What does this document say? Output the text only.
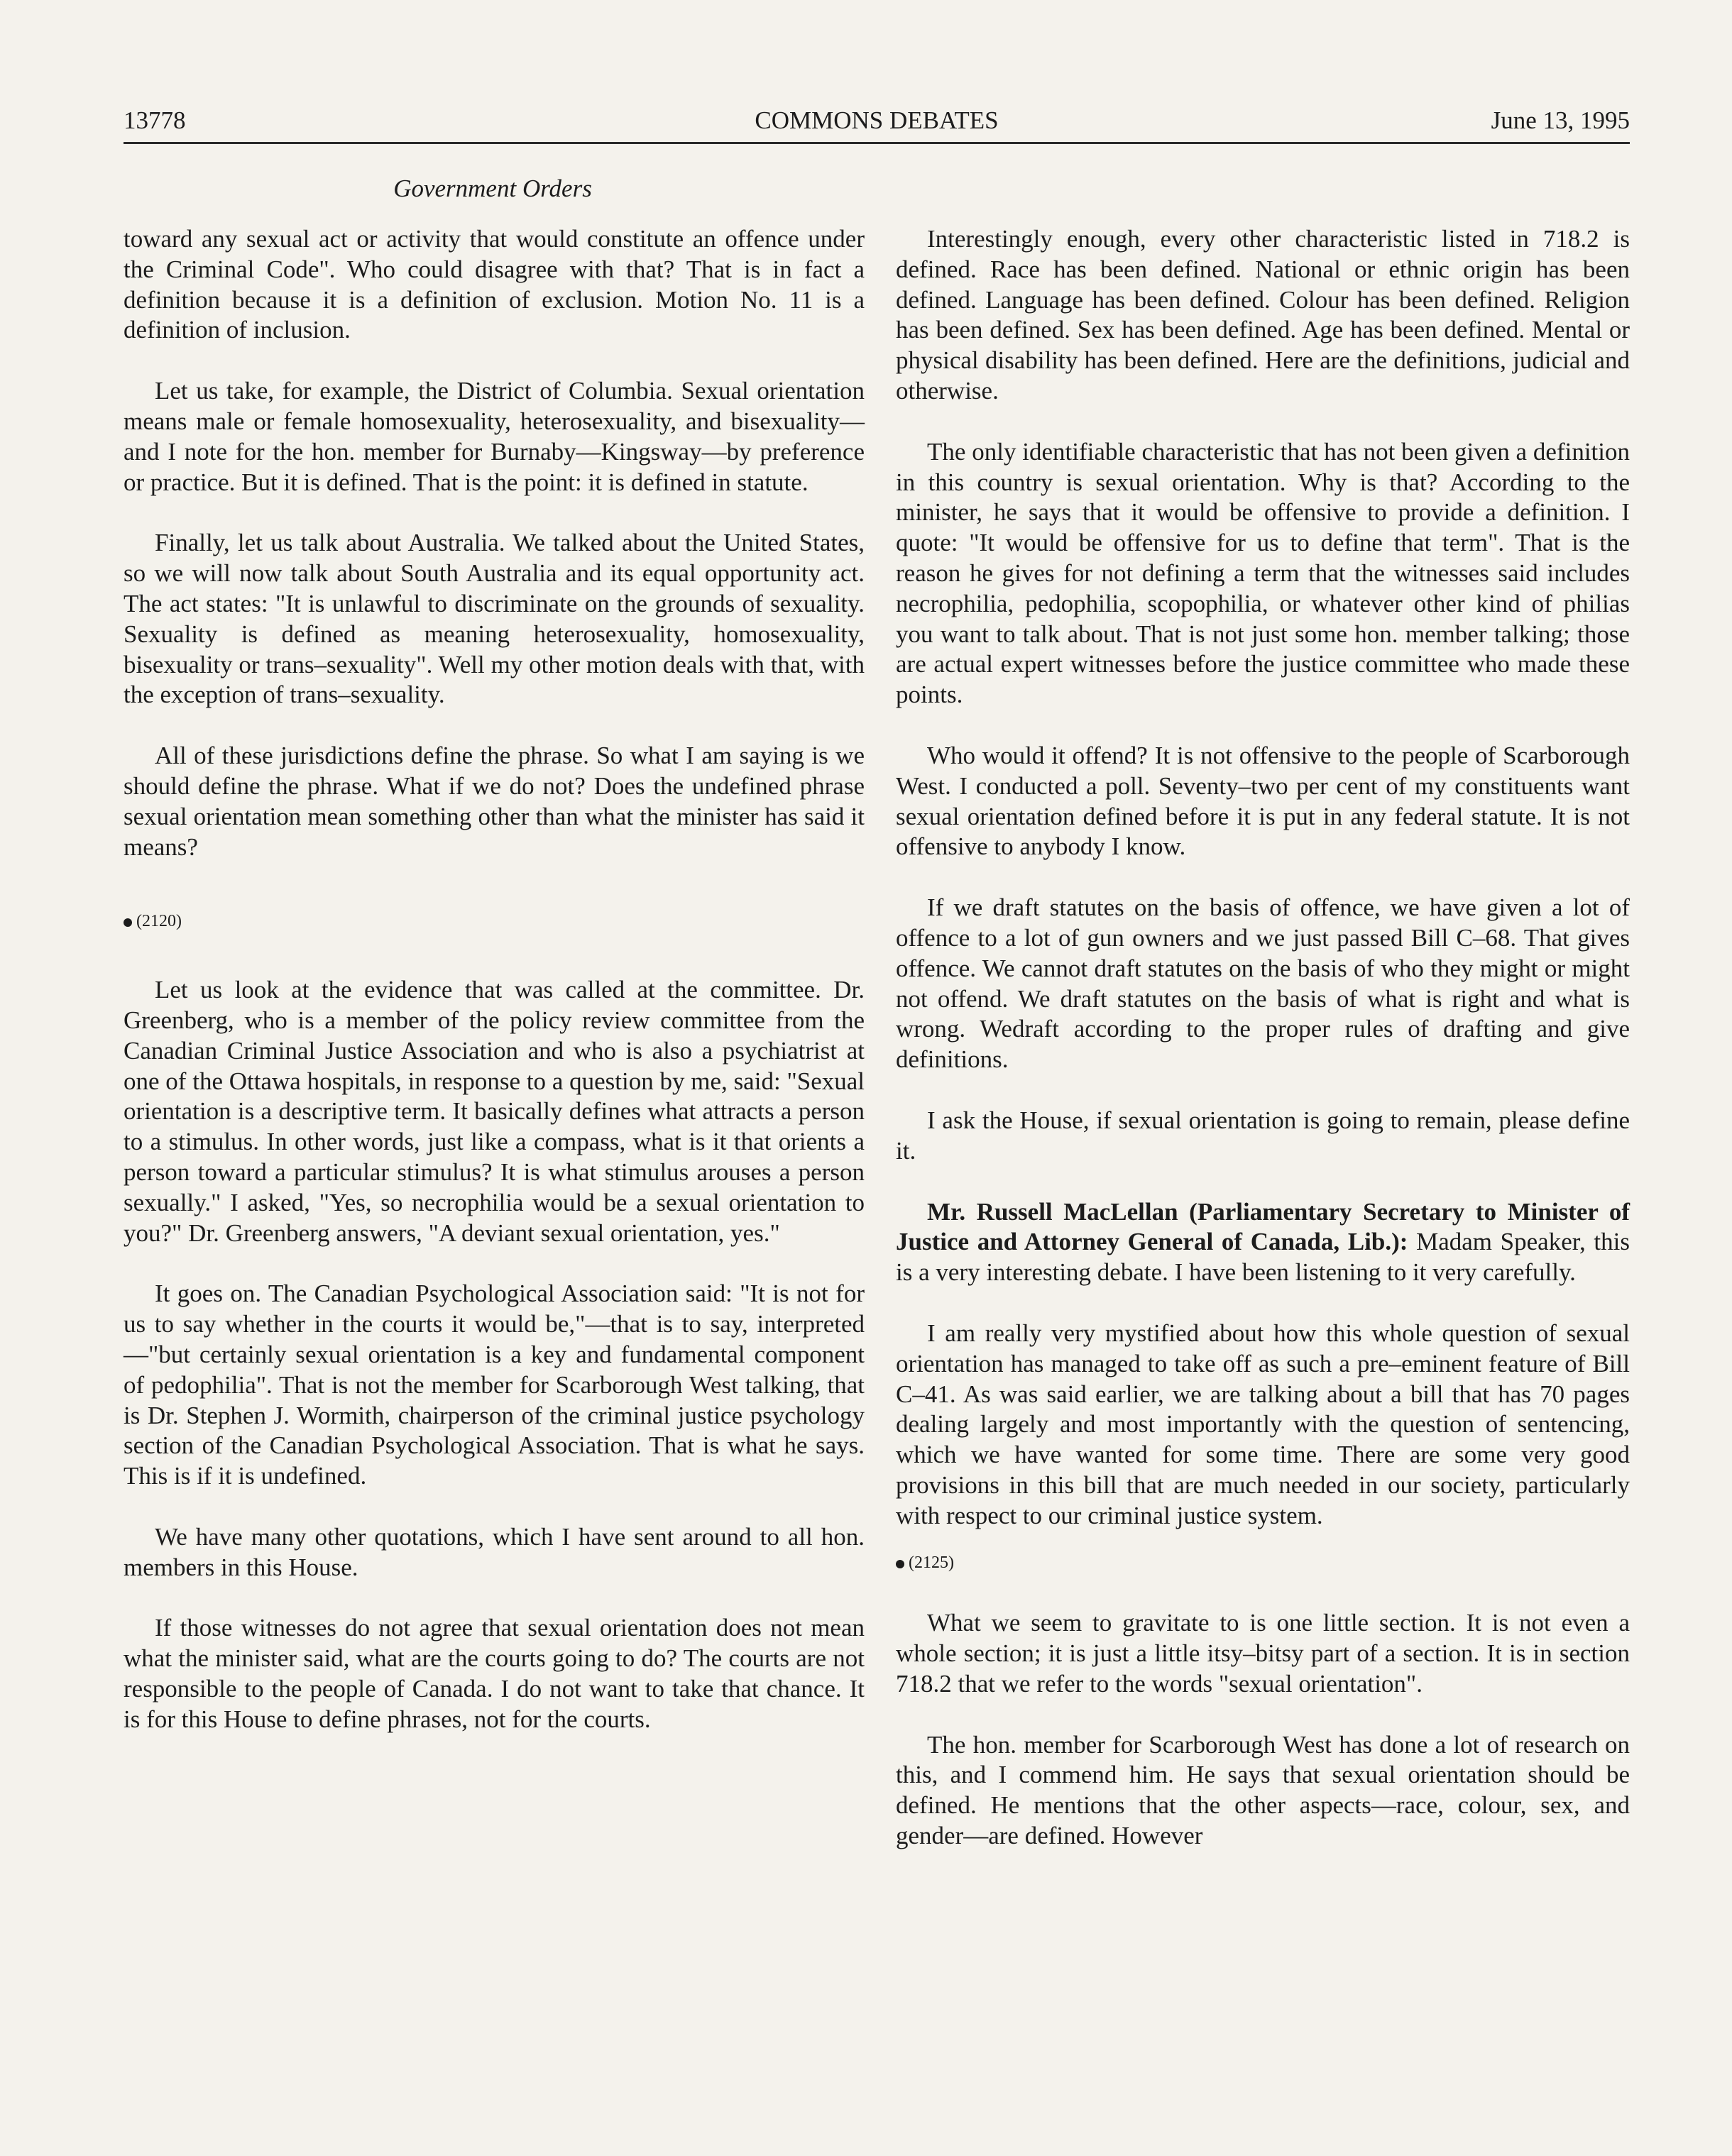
13778	COMMONS DEBATES	June 13, 1995
Government Orders

toward any sexual act or activity that would constitute an offence under the Criminal Code". Who could disagree with that? That is in fact a definition because it is a definition of exclusion. Motion No. 11 is a definition of inclusion.

Let us take, for example, the District of Columbia. Sexual orientation means male or female homosexuality, heterosexuality, and bisexuality—and I note for the hon. member for Burnaby—Kingsway—by preference or practice. But it is defined. That is the point: it is defined in statute.

Finally, let us talk about Australia. We talked about the United States, so we will now talk about South Australia and its equal opportunity act. The act states: "It is unlawful to discriminate on the grounds of sexuality. Sexuality is defined as meaning heterosexuality, homosexuality, bisexuality or trans–sexuality". Well my other motion deals with that, with the exception of trans–sexuality.

All of these jurisdictions define the phrase. So what I am saying is we should define the phrase. What if we do not? Does the undefined phrase sexual orientation mean something other than what the minister has said it means?

(2120)

Let us look at the evidence that was called at the committee. Dr. Greenberg, who is a member of the policy review committee from the Canadian Criminal Justice Association and who is also a psychiatrist at one of the Ottawa hospitals, in response to a question by me, said: "Sexual orientation is a descriptive term. It basically defines what attracts a person to a stimulus. In other words, just like a compass, what is it that orients a person toward a particular stimulus? It is what stimulus arouses a person sexually." I asked, "Yes, so necrophilia would be a sexual orientation to you?" Dr. Greenberg answers, "A deviant sexual orientation, yes."

It goes on. The Canadian Psychological Association said: "It is not for us to say whether in the courts it would be,"—that is to say, interpreted—"but certainly sexual orientation is a key and fundamental component of pedophilia". That is not the member for Scarborough West talking, that is Dr. Stephen J. Wormith, chairperson of the criminal justice psychology section of the Canadian Psychological Association. That is what he says. This is if it is undefined.

We have many other quotations, which I have sent around to all hon. members in this House.

If those witnesses do not agree that sexual orientation does not mean what the minister said, what are the courts going to do? The courts are not responsible to the people of Canada. I do not want to take that chance. It is for this House to define phrases, not for the courts.

Interestingly enough, every other characteristic listed in 718.2 is defined. Race has been defined. National or ethnic origin has been defined. Language has been defined. Colour has been defined. Religion has been defined. Sex has been defined. Age has been defined. Mental or physical disability has been defined. Here are the definitions, judicial and otherwise.

The only identifiable characteristic that has not been given a definition in this country is sexual orientation. Why is that? According to the minister, he says that it would be offensive to provide a definition. I quote: "It would be offensive for us to define that term". That is the reason he gives for not defining a term that the witnesses said includes necrophilia, pedophilia, scopophilia, or whatever other kind of philias you want to talk about. That is not just some hon. member talking; those are actual expert witnesses before the justice committee who made these points.

Who would it offend? It is not offensive to the people of Scarborough West. I conducted a poll. Seventy–two per cent of my constituents want sexual orientation defined before it is put in any federal statute. It is not offensive to anybody I know.

If we draft statutes on the basis of offence, we have given a lot of offence to a lot of gun owners and we just passed Bill C–68. That gives offence. We cannot draft statutes on the basis of who they might or might not offend. We draft statutes on the basis of what is right and what is wrong. Wedraft according to the proper rules of drafting and give definitions.

I ask the House, if sexual orientation is going to remain, please define it.

Mr. Russell MacLellan (Parliamentary Secretary to Minister of Justice and Attorney General of Canada, Lib.): Madam Speaker, this is a very interesting debate. I have been listening to it very carefully.

I am really very mystified about how this whole question of sexual orientation has managed to take off as such a pre–eminent feature of Bill C–41. As was said earlier, we are talking about a bill that has 70 pages dealing largely and most importantly with the question of sentencing, which we have wanted for some time. There are some very good provisions in this bill that are much needed in our society, particularly with respect to our criminal justice system.

(2125)

What we seem to gravitate to is one little section. It is not even a whole section; it is just a little itsy–bitsy part of a section. It is in section 718.2 that we refer to the words "sexual orientation".

The hon. member for Scarborough West has done a lot of research on this, and I commend him. He says that sexual orientation should be defined. He mentions that the other aspects—race, colour, sex, and gender—are defined. However
